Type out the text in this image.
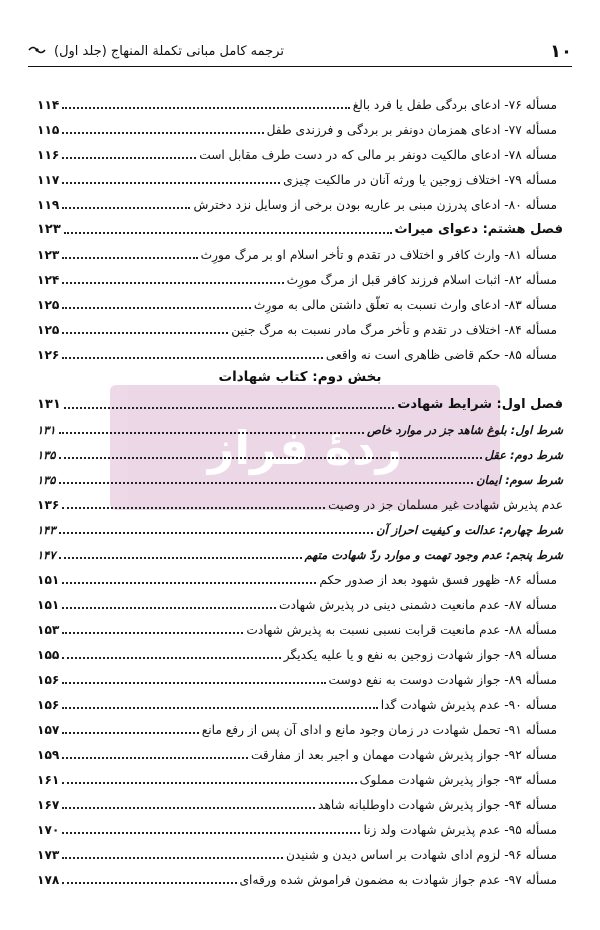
۱۰
ترجمه کامل مبانی تکملة المنهاج (جلد اول)
ردهٔ فراز
مسأله ۷۶- ادعای بردگی طفل یا فرد بالغ
۱۱۴
مسأله ۷۷- ادعای همزمان دونفر بر بردگی و فرزندی طفل
۱۱۵
مسأله ۷۸- ادعای مالکیت دونفر بر مالی که در دست طرف مقابل است
۱۱۶
مسأله ۷۹- اختلاف زوجین یا ورثه آنان در مالکیت چیزی
۱۱۷
مسأله ۸۰- ادعای پدرزن مبنی بر عاریه بودن برخی از وسایل نزد دخترش
۱۱۹
فصل هشتم: دعوای میراث
۱۲۳
مسأله ۸۱- وارث کافر و اختلاف در تقدم و تأخر اسلام او بر مرگ مورِث
۱۲۳
مسأله ۸۲- اثبات اسلام فرزند کافر قبل از مرگ مورِث
۱۲۴
مسأله ۸۳- ادعای وارث نسبت به تعلّق داشتن مالی به مورِث
۱۲۵
مسأله ۸۴- اختلاف در تقدم و تأخر مرگ مادر نسبت به مرگ جنین
۱۲۵
مسأله ۸۵- حکم قاضی ظاهری است نه واقعی
۱۲۶
بخش دوم: کتاب شهادات
فصل اول: شرایط شهادت
۱۳۱
شرط اول: بلوغ شاهد جز در موارد خاص
۱۳۱
شرط دوم: عقل
۱۳۵
شرط سوم: ایمان
۱۳۵
عدم پذیرش شهادت غیر مسلمان جز در وصیت
۱۳۶
شرط چهارم: عدالت و کیفیت احراز آن
۱۴۳
شرط پنجم: عدم وجود تهمت و موارد ردّ شهادت متهم
۱۴۷
مسأله ۸۶- ظهور فسق شهود بعد از صدور حکم
۱۵۱
مسأله ۸۷- عدم مانعیت دشمنی دینی در پذیرش شهادت
۱۵۱
مسأله ۸۸- عدم مانعیت قرابت نسبی نسبت به پذیرش شهادت
۱۵۳
مسأله ۸۹- جواز شهادت زوجین به نفع و یا علیه یکدیگر
۱۵۵
مسأله ۸۹- جواز شهادت دوست به نفع دوست
۱۵۶
مسأله ۹۰- عدم پذیرش شهادت گدا
۱۵۶
مسأله ۹۱- تحمل شهادت در زمان وجود مانع و ادای آن پس از رفع مانع
۱۵۷
مسأله ۹۲- جواز پذیرش شهادت مهمان و اجیر بعد از مفارقت
۱۵۹
مسأله ۹۳- جواز پذیرش شهادت مملوک
۱۶۱
مسأله ۹۴- جواز پذیرش شهادت داوطلبانه شاهد
۱۶۷
مسأله ۹۵- عدم پذیرش شهادت ولد زنا
۱۷۰
مسأله ۹۶- لزوم ادای شهادت بر اساس دیدن و شنیدن
۱۷۳
مسأله ۹۷- عدم جواز شهادت به مضمون فراموش شده ورقه‌ای
۱۷۸
